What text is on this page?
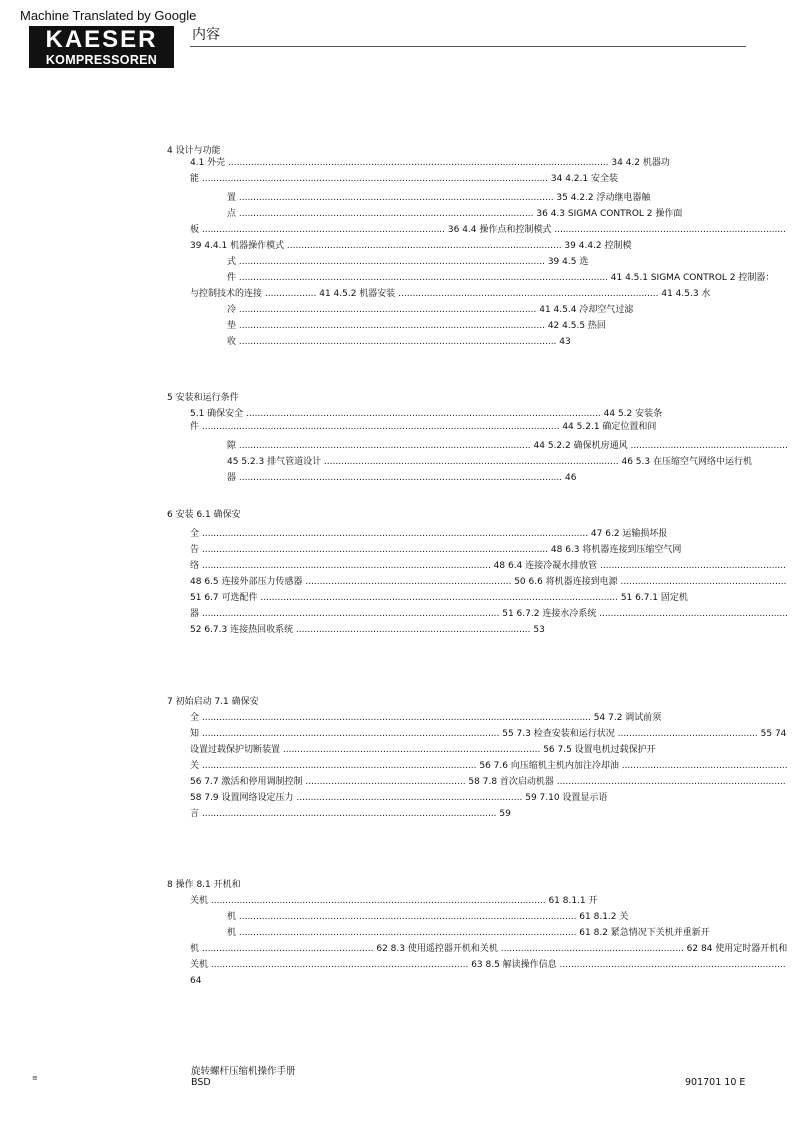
Machine Translated by Google
KAESER
KOMPRESSOREN
内容
4 设计与功能
4.1 外壳 ..................................................................................................................................... 34 4.2 机器功
能 ......................................................................................................................... 34 4.2.1 安全装
置 .............................................................................................................. 35 4.2.2 浮动继电器触
点 ....................................................................................................... 36 4.3 SIGMA CONTROL 2 操作面
板 ..................................................................................... 36 4.4 操作点和控制模式 .................................................................................
39 4.4.1 机器操作模式 ................................................................................................ 39 4.4.2 控制模
式 ........................................................................................................... 39 4.5 选
件 ................................................................................................................................. 41 4.5.1 SIGMA CONTROL 2 控制器：
与控制技术的连接 .................. 41 4.5.2 机器安装 ........................................................................................... 41 4.5.3 水
冷 ........................................................................................................ 41 4.5.4 冷却空气过滤
垫 ........................................................................................................... 42 4.5.5 热回
收 ............................................................................................................... 43
5 安装和运行条件
5.1 确保安全 ............................................................................................................................ 44 5.2 安装条
件 ............................................................................................................................. 44 5.2.1 确定位置和间
隙 ...................................................................................................... 44 5.2.2 确保机房通风 .......................................................
45 5.2.3 排气管道设计 ....................................................................................................... 46 5.3 在压缩空气网络中运行机
器 ................................................................................................................. 46
6 安装 6.1 确保安
全 ....................................................................................................................................... 47 6.2 运输损坏报
告 ......................................................................................................................... 48 6.3 将机器连接到压缩空气网
络 ..................................................................................................... 48 6.4 连接冷凝水排放管 .................................................................
48 6.5 连接外部压力传感器 ........................................................................ 50 6.6 将机器连接到电源 ..........................................................
51 6.7 可选配件 ............................................................................................................................. 51 6.7.1 固定机
器 ........................................................................................................ 51 6.7.2 连接水冷系统 ..................................................................
52 6.7.3 连接热回收系统 .................................................................................. 53
7 初始启动 7.1 确保安
全 ........................................................................................................................................ 54 7.2 调试前须
知 ........................................................................................................ 55 7.3 检查安装和运行状况 ................................................. 55 74
设置过载保护切断装置 .......................................................................................... 56 7.5 设置电机过载保护开
关 ................................................................................................ 56 7.6 向压缩机主机内加注冷却油 ..........................................................
56 7.7 激活和停用调制控制 ........................................................ 58 7.8 首次启动机器 ................................................................................
58 7.9 设置网络设定压力 ............................................................................... 59 7.10 设置显示语
言 ....................................................................................................... 59
8 操作 8.1 开机和
关机 ..................................................................................................................... 61 8.1.1 开
机 ...................................................................................................................... 61 8.1.2 关
机 ...................................................................................................................... 61 8.2 紧急情况下关机并重新开
机 ............................................................ 62 8.3 使用遥控器开机和关机 ................................................................ 62 84 使用定时器开机和
关机 .......................................................................................... 63 8.5 解读操作信息 ...............................................................................
64
≡
旋转螺杆压缩机操作手册
BSD	901701 10 E
